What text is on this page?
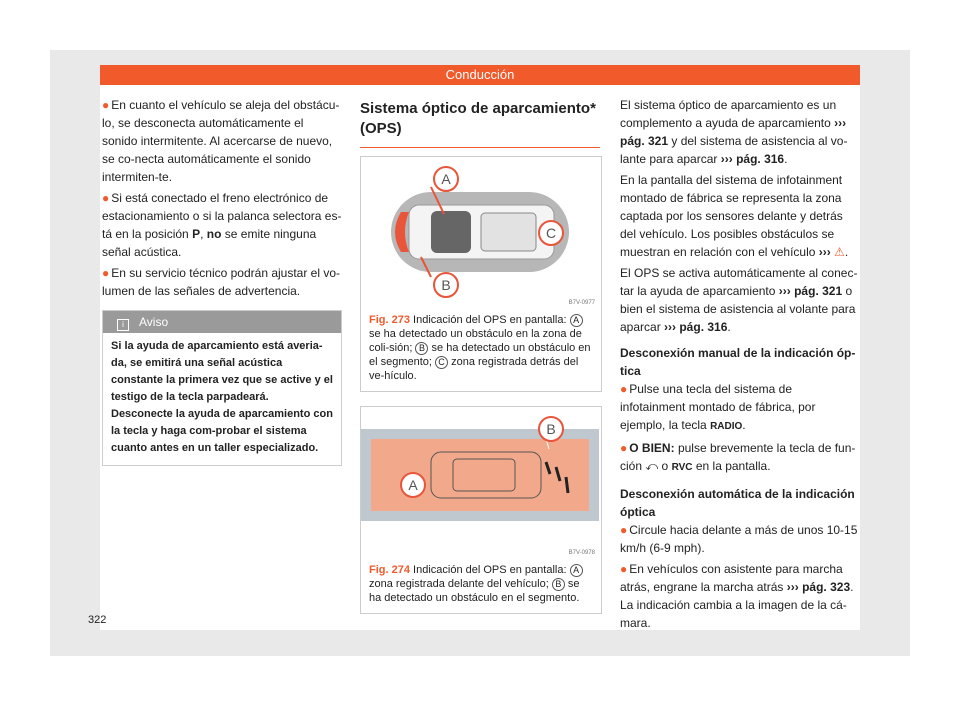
Conducción

● En cuanto el vehículo se aleja del obstácu-lo, se desconecta automáticamente el sonido intermitente. Al acercarse de nuevo, se co-necta automáticamente el sonido intermiten-te.

● Si está conectado el freno electrónico de estacionamiento o si la palanca selectora es-tá en la posición P, no se emite ninguna señal acústica.

● En su servicio técnico podrán ajustar el vo-lumen de las señales de advertencia.

i Aviso
Si la ayuda de aparcamiento está averia-da, se emitirá una señal acústica constante la primera vez que se active y el testigo de la tecla parpadeará. Desconecte la ayuda de aparcamiento con la tecla y haga com-probar el sistema cuanto antes en un taller especializado.
Sistema óptico de aparcamiento* (OPS)
A
C
B
B7V-0977
Fig. 273 Indicación del OPS en pantalla: A se ha detectado un obstáculo en la zona de coli-sión; B se ha detectado un obstáculo en el segmento; C zona registrada detrás del ve-hículo.
B
A
B7V-0978
Fig. 274 Indicación del OPS en pantalla: A zona registrada delante del vehículo; B se ha detectado un obstáculo en el segmento.

El sistema óptico de aparcamiento es un complemento a ayuda de aparcamiento ››› pág. 321 y del sistema de asistencia al vo-lante para aparcar ››› pág. 316.

En la pantalla del sistema de infotainment montado de fábrica se representa la zona captada por los sensores delante y detrás del vehículo. Los posibles obstáculos se muestran en relación con el vehículo ››› ⚠.

El OPS se activa automáticamente al conec-tar la ayuda de aparcamiento ››› pág. 321 o bien el sistema de asistencia al volante para aparcar ››› pág. 316.

Desconexión manual de la indicación óp-tica

● Pulse una tecla del sistema de infotainment montado de fábrica, por ejemplo, la tecla RADIO.

● O BIEN: pulse brevemente la tecla de fun-ción ⤺ o RVC en la pantalla.

Desconexión automática de la indicación óptica

● Circule hacia delante a más de unos 10-15 km/h (6-9 mph).

● En vehículos con asistente para marcha atrás, engrane la marcha atrás ››› pág. 323. La indicación cambia a la imagen de la cá-mara.

322
